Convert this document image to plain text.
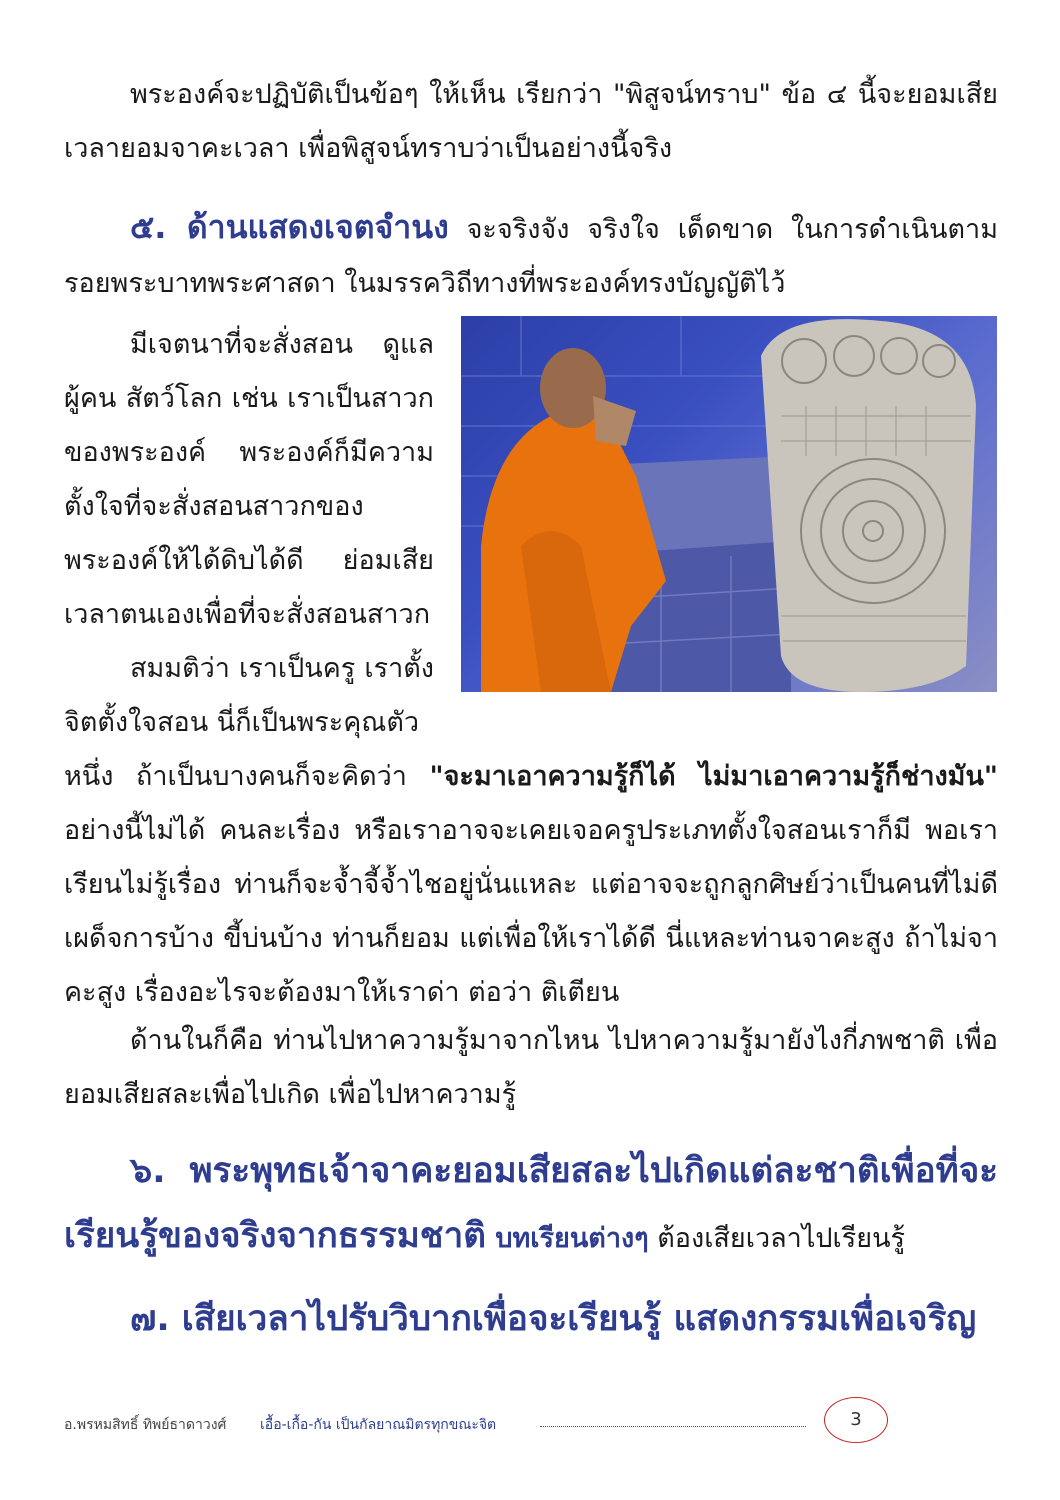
พระองค์จะปฏิบัติเป็นข้อๆ ให้เห็น เรียกว่า "พิสูจน์ทราบ" ข้อ ๔ นี้จะยอมเสียเวลายอมจาคะเวลา เพื่อพิสูจน์ทราบว่าเป็นอย่างนี้จริง

๕. ด้านแสดงเจตจำนง จะจริงจัง จริงใจ เด็ดขาด ในการดำเนินตามรอยพระบาทพระศาสดา ในมรรควิถีทางที่พระองค์ทรงบัญญัติไว้

มีเจตนาที่จะสั่งสอน ดูแลผู้คน สัตว์โลก เช่น เราเป็นสาวกของพระองค์ พระองค์ก็มีความตั้งใจที่จะสั่งสอนสาวกของพระองค์ให้ได้ดิบได้ดี ย่อมเสียเวลาตนเองเพื่อที่จะสั่งสอนสาวก

สมมติว่า เราเป็นครู เราตั้งจิตตั้งใจสอน นี่ก็เป็นพระคุณตัว

หนึ่ง ถ้าเป็นบางคนก็จะคิดว่า "จะมาเอาความรู้ก็ได้ ไม่มาเอาความรู้ก็ช่างมัน" อย่างนี้ไม่ได้ คนละเรื่อง หรือเราอาจจะเคยเจอครูประเภทตั้งใจสอนเราก็มี พอเราเรียนไม่รู้เรื่อง ท่านก็จะจ้ำจี้จ้ำไชอยู่นั่นแหละ แต่อาจจะถูกลูกศิษย์ว่าเป็นคนที่ไม่ดี เผด็จการบ้าง ขี้บ่นบ้าง ท่านก็ยอม แต่เพื่อให้เราได้ดี นี่แหละท่านจาคะสูง ถ้าไม่จาคะสูง เรื่องอะไรจะต้องมาให้เราด่า ต่อว่า ติเตียน

ด้านในก็คือ ท่านไปหาความรู้มาจากไหน ไปหาความรู้มายังไงกี่ภพชาติ เพื่อยอมเสียสละเพื่อไปเกิด เพื่อไปหาความรู้

๖. พระพุทธเจ้าจาคะยอมเสียสละไปเกิดแต่ละชาติเพื่อที่จะเรียนรู้ของจริงจากธรรมชาติ บทเรียนต่างๆ ต้องเสียเวลาไปเรียนรู้

๗. เสียเวลาไปรับวิบากเพื่อจะเรียนรู้ แสดงกรรมเพื่อเจริญ

อ.พรหมสิทธิ์ ทิพย์ธาดาวงศ์ เอื้อ-เกื้อ-กัน เป็นกัลยาณมิตรทุกขณะจิต	3
